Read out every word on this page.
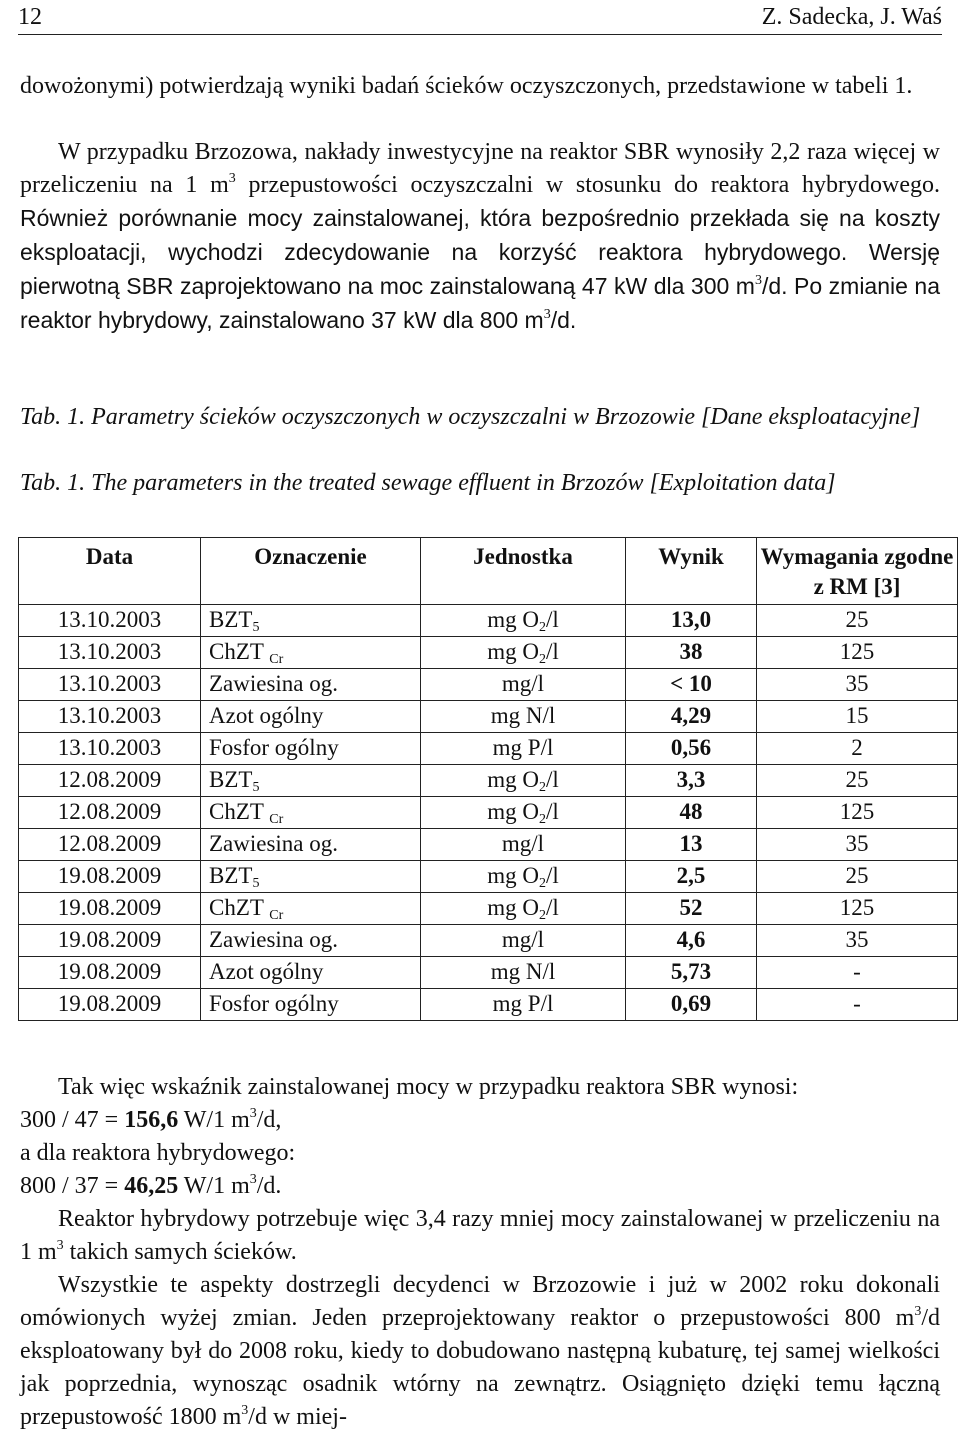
12	Z. Sadecka, J. Waś

dowożonymi) potwierdzają wyniki badań ścieków oczyszczonych, przedstawione w tabeli 1.

W przypadku Brzozowa, nakłady inwestycyjne na reaktor SBR wynosiły 2,2 raza więcej w przeliczeniu na 1 $m^3$ przepustowości oczyszczalni w stosunku do reaktora hybrydowego. Również porównanie mocy zainstalowanej, która bezpośrednio przekłada się na koszty eksploatacji, wychodzi zdecydowanie na korzyść reaktora hybrydowego. Wersję pierwotną SBR zaprojektowano na moc zainstalowaną 47 kW dla 300 $m^3/d$. Po zmianie na reaktor hybrydowy, zainstalowano 37 kW dla 800 $m^3/d$.

Tab. 1. Parametry ścieków oczyszczonych w oczyszczalni w Brzozowie [Dane eksploatacyjne]

Tab. 1. The parameters in the treated sewage effluent in Brzozów [Exploitation data]

Data	Oznaczenie	Jednostka	Wynik	Wymagania zgodne z RM [3]
13.10.2003	$BZT_5$	mg $O_2/l$	13,0	25
13.10.2003	ChZT $_{Cr}$	mg $O_2/l$	38	125
13.10.2003	Zawiesina og.	mg/l	< 10	35
13.10.2003	Azot ogólny	mg N/l	4,29	15
13.10.2003	Fosfor ogólny	mg P/l	0,56	2
12.08.2009	$BZT_5$	mg $O_2/l$	3,3	25
12.08.2009	ChZT $_{Cr}$	mg $O_2/l$	48	125
12.08.2009	Zawiesina og.	mg/l	13	35
19.08.2009	$BZT_5$	mg $O_2/l$	2,5	25
19.08.2009	ChZT $_{Cr}$	mg $O_2/l$	52	125
19.08.2009	Zawiesina og.	mg/l	4,6	35
19.08.2009	Azot ogólny	mg N/l	5,73	-
19.08.2009	Fosfor ogólny	mg P/l	0,69	-

Tak więc wskaźnik zainstalowanej mocy w przypadku reaktora SBR wynosi:
300 / 47 = 156,6 W/1 $m^3/d$,
a dla reaktora hybrydowego:
800 / 37 = 46,25 W/1 $m^3/d$.

Reaktor hybrydowy potrzebuje więc 3,4 razy mniej mocy zainstalowanej w przeliczeniu na 1 $m^3$ takich samych ścieków.

Wszystkie te aspekty dostrzegli decydenci w Brzozowie i już w 2002 roku dokonali omówionych wyżej zmian. Jeden przeprojektowany reaktor o przepustowości 800 $m^3/d$ eksploatowany był do 2008 roku, kiedy to dobudowano następną kubaturę, tej samej wielkości jak poprzednia, wynosząc osadnik wtórny na zewnątrz. Osiągnięto dzięki temu łączną przepustowość 1800 $m^3/d$ w miej-
